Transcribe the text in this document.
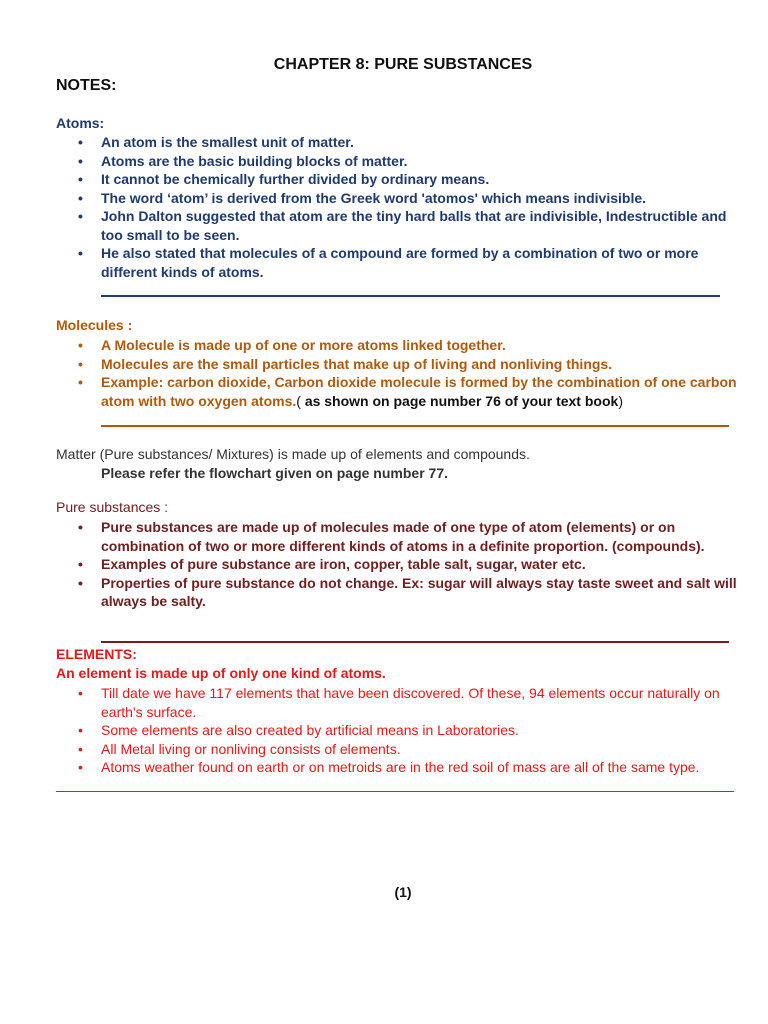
CHAPTER 8: PURE SUBSTANCES
NOTES:
Atoms:
• An atom is the smallest unit of matter.
• Atoms are the basic building blocks of matter.
• It cannot be chemically further divided by ordinary means.
• The word ‘atom’ is derived from the Greek word 'atomos' which means indivisible.
• John Dalton suggested that atom are the tiny hard balls that are indivisible, Indestructible and too small to be seen.
• He also stated that molecules of a compound are formed by a combination of two or more different kinds of atoms.
Molecules :
• A Molecule is made up of one or more atoms linked together.
• Molecules are the small particles that make up of living and nonliving things.
• Example: carbon dioxide, Carbon dioxide molecule is formed by the combination of one carbon atom with two oxygen atoms.( as shown on page number 76 of your text book)
Matter (Pure substances/ Mixtures) is made up of elements and compounds.
Please refer the flowchart given on page number 77.
Pure substances :
• Pure substances are made up of molecules made of one type of atom (elements) or on combination of two or more different kinds of atoms in a definite proportion. (compounds).
• Examples of pure substance are iron, copper, table salt, sugar, water etc.
• Properties of pure substance do not change. Ex: sugar will always stay taste sweet and salt will always be salty.
ELEMENTS:
An element is made up of only one kind of atoms.
• Till date we have 117 elements that have been discovered. Of these, 94 elements occur naturally on earth's surface.
• Some elements are also created by artificial means in Laboratories.
• All Metal living or nonliving consists of elements.
• Atoms weather found on earth or on metroids are in the red soil of mass are all of the same type.
(1)
